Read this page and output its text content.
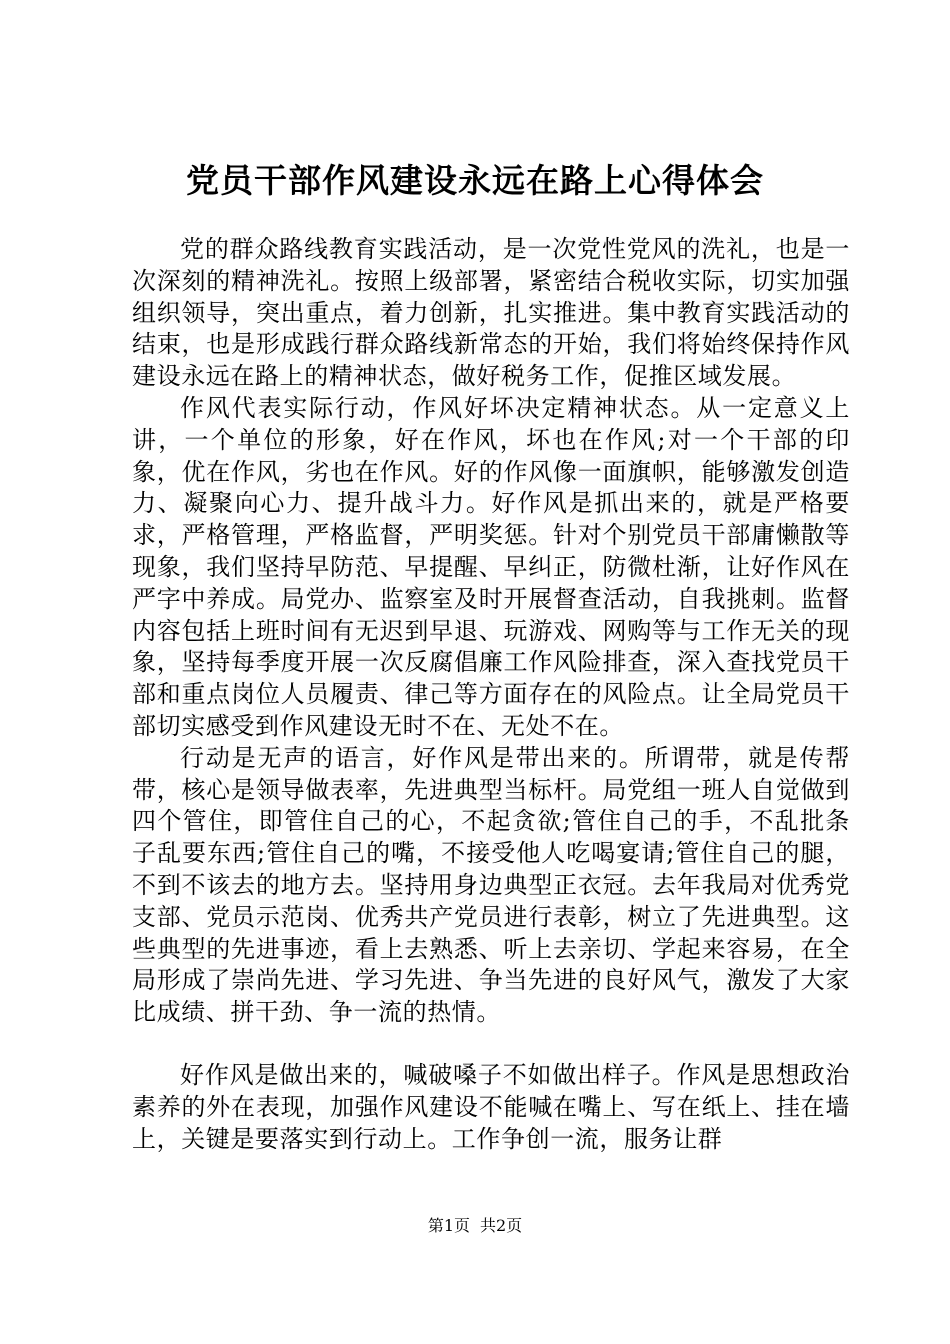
党员干部作风建设永远在路上心得体会

党的群众路线教育实践活动，是一次党性党风的洗礼，也是一次深刻的精神洗礼。按照上级部署，紧密结合税收实际，切实加强组织领导，突出重点，着力创新，扎实推进。集中教育实践活动的结束，也是形成践行群众路线新常态的开始，我们将始终保持作风建设永远在路上的精神状态，做好税务工作，促推区域发展。

作风代表实际行动，作风好坏决定精神状态。从一定意义上讲，一个单位的形象，好在作风，坏也在作风;对一个干部的印象，优在作风，劣也在作风。好的作风像一面旗帜，能够激发创造力、凝聚向心力、提升战斗力。好作风是抓出来的，就是严格要求，严格管理，严格监督，严明奖惩。针对个别党员干部庸懒散等现象，我们坚持早防范、早提醒、早纠正，防微杜渐，让好作风在严字中养成。局党办、监察室及时开展督查活动，自我挑刺。监督内容包括上班时间有无迟到早退、玩游戏、网购等与工作无关的现象，坚持每季度开展一次反腐倡廉工作风险排查，深入查找党员干部和重点岗位人员履责、律己等方面存在的风险点。让全局党员干部切实感受到作风建设无时不在、无处不在。

行动是无声的语言，好作风是带出来的。所谓带，就是传帮带，核心是领导做表率，先进典型当标杆。局党组一班人自觉做到四个管住，即管住自己的心，不起贪欲;管住自己的手，不乱批条子乱要东西;管住自己的嘴，不接受他人吃喝宴请;管住自己的腿，不到不该去的地方去。坚持用身边典型正衣冠。去年我局对优秀党支部、党员示范岗、优秀共产党员进行表彰，树立了先进典型。这些典型的先进事迹，看上去熟悉、听上去亲切、学起来容易，在全局形成了崇尚先进、学习先进、争当先进的良好风气，激发了大家比成绩、拼干劲、争一流的热情。

好作风是做出来的，喊破嗓子不如做出样子。作风是思想政治素养的外在表现，加强作风建设不能喊在嘴上、写在纸上、挂在墙上，关键是要落实到行动上。工作争创一流，服务让群

第1页 共2页
